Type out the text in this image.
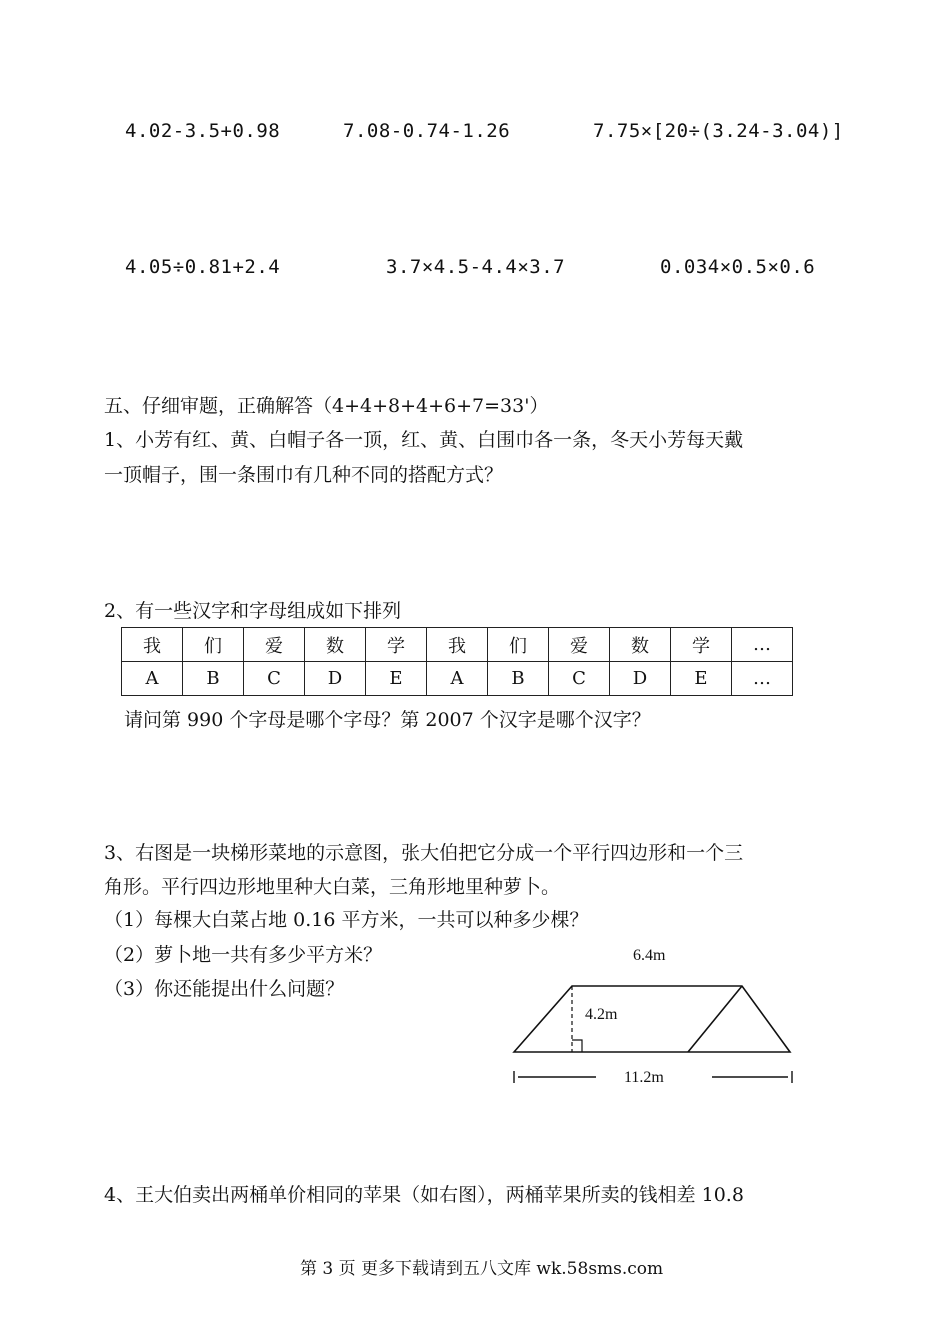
4.02-3.5+0.98	7.08-0.74-1.26	7.75×[20÷(3.24-3.04)]
4.05÷0.81+2.4	3.7×4.5-4.4×3.7	0.034×0.5×0.6
五、仔细审题，正确解答（4+4+8+4+6+7=33'）
1、小芳有红、黄、白帽子各一顶，红、黄、白围巾各一条，冬天小芳每天戴
一顶帽子，围一条围巾有几种不同的搭配方式？
2、有一些汉字和字母组成如下排列
我	们	爱	数	学	我	们	爱	数	学	…
A	B	C	D	E	A	B	C	D	E	…
请问第 990 个字母是哪个字母？第 2007 个汉字是哪个汉字？
3、右图是一块梯形菜地的示意图，张大伯把它分成一个平行四边形和一个三
角形。平行四边形地里种大白菜，三角形地里种萝卜。
（1）每棵大白菜占地 0.16 平方米，一共可以种多少棵？
（2）萝卜地一共有多少平方米？
（3）你还能提出什么问题？
6.4m
4.2m
11.2m
4、王大伯卖出两桶单价相同的苹果（如右图），两桶苹果所卖的钱相差 10.8
第 3 页 更多下载请到五八文库 wk.58sms.com
